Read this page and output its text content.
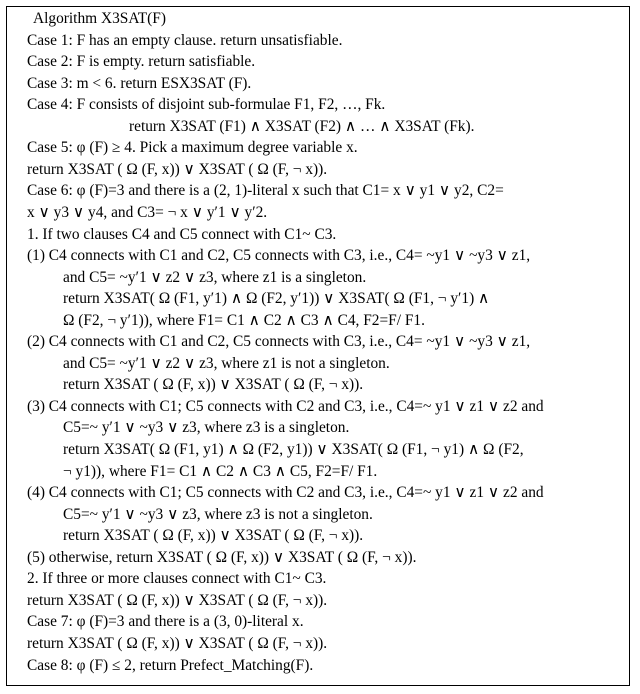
Algorithm X3SAT(F)
Case 1: F has an empty clause. return unsatisfiable.
Case 2: F is empty. return satisfiable.
Case 3: m < 6. return ESX3SAT (F).
Case 4: F consists of disjoint sub-formulae F1, F2, …, Fk.
return X3SAT (F1) ∧ X3SAT (F2) ∧ … ∧ X3SAT (Fk).
Case 5: φ (F) ≥ 4. Pick a maximum degree variable x.
return X3SAT ( Ω (F, x)) ∨ X3SAT ( Ω (F, ¬ x)).
Case 6: φ (F)=3 and there is a (2, 1)-literal x such that C1= x ∨ y1 ∨ y2, C2=
x ∨ y3 ∨ y4, and C3= ¬ x ∨ y′1 ∨ y′2.
1. If two clauses C4 and C5 connect with C1~ C3.
(1) C4 connects with C1 and C2, C5 connects with C3, i.e., C4= ~y1 ∨ ~y3 ∨ z1,
and C5= ~y′1 ∨ z2 ∨ z3, where z1 is a singleton.
return X3SAT( Ω (F1, y′1) ∧ Ω (F2, y′1)) ∨ X3SAT( Ω (F1, ¬ y′1) ∧
Ω (F2, ¬ y′1)), where F1= C1 ∧ C2 ∧ C3 ∧ C4, F2=F/ F1.
(2) C4 connects with C1 and C2, C5 connects with C3, i.e., C4= ~y1 ∨ ~y3 ∨ z1,
and C5= ~y′1 ∨ z2 ∨ z3, where z1 is not a singleton.
return X3SAT ( Ω (F, x)) ∨ X3SAT ( Ω (F, ¬ x)).
(3) C4 connects with C1; C5 connects with C2 and C3, i.e., C4=~ y1 ∨ z1 ∨ z2 and
C5=~ y′1 ∨ ~y3 ∨ z3, where z3 is a singleton.
return X3SAT( Ω (F1, y1) ∧ Ω (F2, y1)) ∨ X3SAT( Ω (F1, ¬ y1) ∧ Ω (F2,
¬ y1)), where F1= C1 ∧ C2 ∧ C3 ∧ C5, F2=F/ F1.
(4) C4 connects with C1; C5 connects with C2 and C3, i.e., C4=~ y1 ∨ z1 ∨ z2 and
C5=~ y′1 ∨ ~y3 ∨ z3, where z3 is not a singleton.
return X3SAT ( Ω (F, x)) ∨ X3SAT ( Ω (F, ¬ x)).
(5) otherwise, return X3SAT ( Ω (F, x)) ∨ X3SAT ( Ω (F, ¬ x)).
2. If three or more clauses connect with C1~ C3.
return X3SAT ( Ω (F, x)) ∨ X3SAT ( Ω (F, ¬ x)).
Case 7: φ (F)=3 and there is a (3, 0)-literal x.
return X3SAT ( Ω (F, x)) ∨ X3SAT ( Ω (F, ¬ x)).
Case 8: φ (F) ≤ 2, return Prefect_Matching(F).
